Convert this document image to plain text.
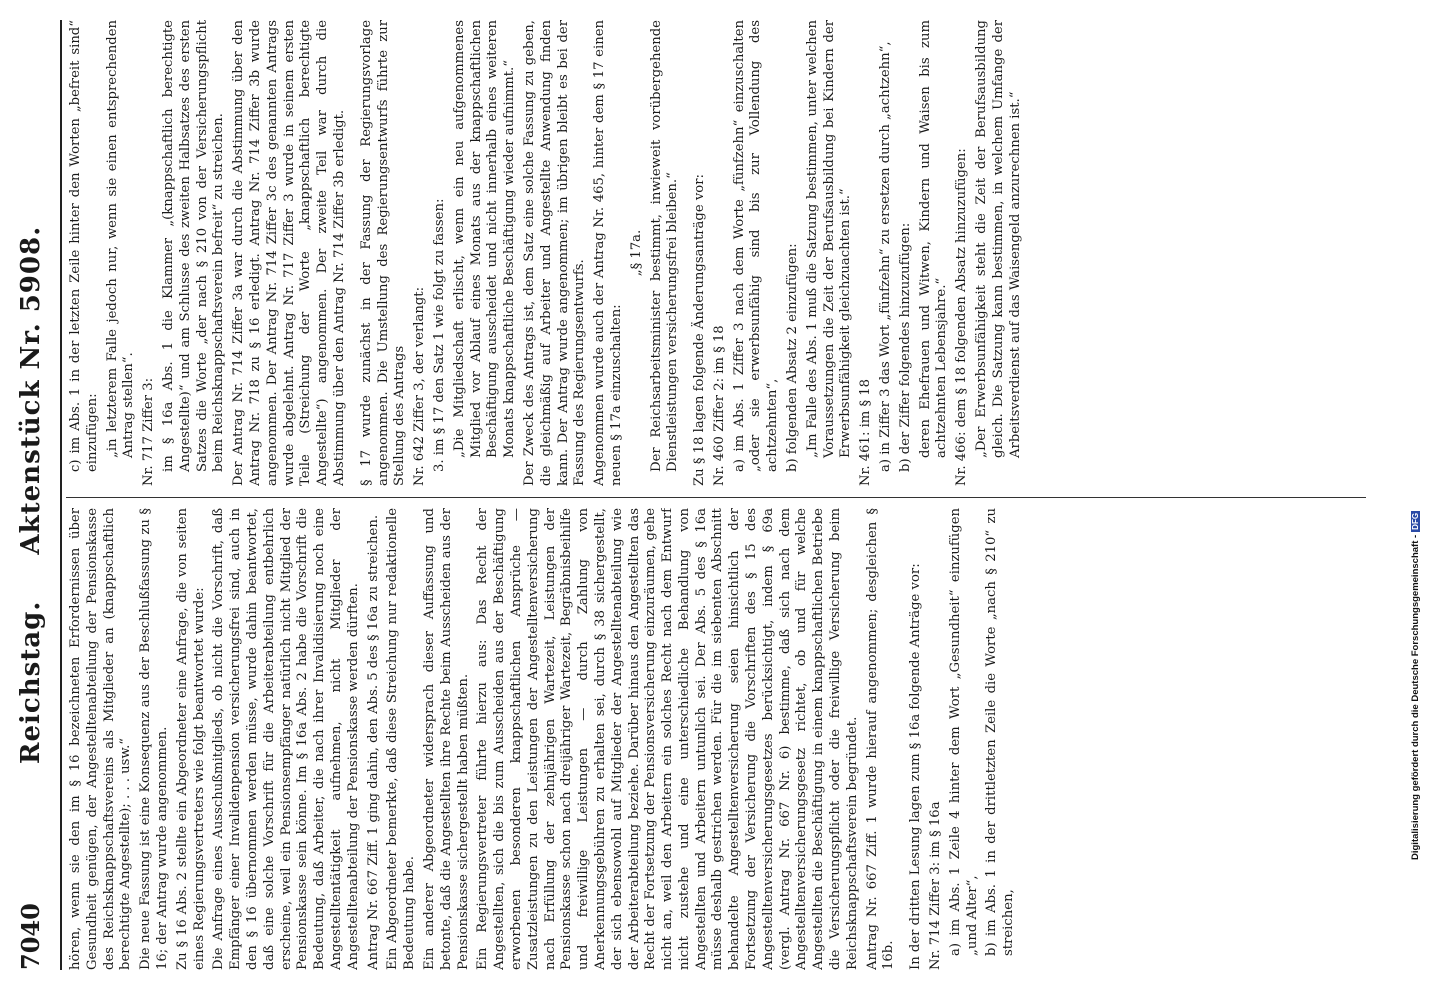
7040
Reichstag. Aktenstück Nr. 5908.

hören, wenn sie den im § 16 bezeichneten Erfordernissen über Gesundheit genügen, der Angestelltenabteilung der Pensionskasse des Reichsknappschaftsvereins als Mitglieder an (knappschaftlich berechtigte Angestellte); . . . usw.“ Die neue Fassung ist eine Konsequenz aus der Beschlußfassung zu § 16; der Antrag wurde angenommen. Zu § 16 Abs. 2 stellte ein Abgeordneter eine Anfrage, die von seiten eines Regierungsvertreters wie folgt beantwortet wurde: Die Anfrage eines Ausschußmitglieds, ob nicht die Vorschrift, daß Empfänger einer Invalidenpension versicherungsfrei sind, auch in den § 16 übernommen werden müsse, wurde dahin beantwortet, daß eine solche Vorschrift für die Arbeiterabteilung entbehrlich erscheine, weil ein Pensionsempfänger natürlich nicht Mitglied der Pensionskasse sein könne. Im § 16a Abs. 2 habe die Vorschrift die Bedeutung, daß Arbeiter, die nach ihrer Invalidisierung noch eine Angestelltentätigkeit aufnehmen, nicht Mitglieder der Angestelltenabteilung der Pensionskasse werden dürften. Antrag Nr. 667 Ziff. 1 ging dahin, den Abs. 5 des § 16a zu streichen. Ein Abgeordneter bemerkte, daß diese Streichung nur redaktionelle Bedeutung habe. Ein anderer Abgeordneter widersprach dieser Auffassung und betonte, daß die Angestellten ihre Rechte beim Ausscheiden aus der Pensionskasse sichergestellt haben müßten. Ein Regierungsvertreter führte hierzu aus: Das Recht der Angestellten, sich die bis zum Ausscheiden aus der Beschäftigung erworbenen besonderen knappschaftlichen Ansprüche — Zusatzleistungen zu den Leistungen der Angestelltenversicherung nach Erfüllung der zehnjährigen Wartezeit, Leistungen der Pensionskasse schon nach dreijähriger Wartezeit, Begräbnisbeihilfe und freiwillige Leistungen — durch Zahlung von Anerkennungsgebühren zu erhalten sei, durch § 38 sichergestellt, der sich ebensowohl auf Mitglieder der Angestelltenabteilung wie der Arbeiterabteilung beziehe. Darüber hinaus den Angestellten das Recht der Fortsetzung der Pensionsversicherung einzuräumen, gehe nicht an, weil den Arbeitern ein solches Recht nach dem Entwurf nicht zustehe und eine unterschiedliche Behandlung von Angestellten und Arbeitern untunlich sei. Der Abs. 5 des § 16a müsse deshalb gestrichen werden. Für die im siebenten Abschnitt behandelte Angestelltenversicherung seien hinsichtlich der Fortsetzung der Versicherung die Vorschriften des § 15 des Angestelltenversicherungsgesetzes berücksichtigt, indem § 69a (vergl. Antrag Nr. 667 Nr. 6) bestimme, daß sich nach dem Angestelltenversicherungsgesetz richtet, ob und für welche Angestellten die Beschäftigung in einem knappschaftlichen Betriebe die Versicherungspflicht oder die freiwillige Versicherung beim Reichsknappschaftsverein begründet. Antrag Nr. 667 Ziff. 1 wurde hierauf angenommen; desgleichen § 16b. In der dritten Lesung lagen zum § 16a folgende Anträge vor: Nr. 714 Ziffer 3: im § 16a a) im Abs. 1 Zeile 4 hinter dem Wort „Gesundheit“ einzufügen „und Alter“, b) im Abs. 1 in der drittletzten Zeile die Worte „nach § 210“ zu streichen,

c) im Abs. 1 in der letzten Zeile hinter den Worten „befreit sind“ einzufügen: „in letzterem Falle jedoch nur, wenn sie einen entsprechenden Antrag stellen“. Nr. 717 Ziffer 3: im § 16a Abs. 1 die Klammer „(knappschaftlich berechtigte Angestellte)“ und am Schlusse des zweiten Halbsatzes des ersten Satzes die Worte „der nach § 210 von der Versicherungspflicht beim Reichsknappschaftsverein befreit“ zu streichen. Der Antrag Nr. 714 Ziffer 3a war durch die Abstimmung über den Antrag Nr. 718 zu § 16 erledigt. Antrag Nr. 714 Ziffer 3b wurde angenommen. Der Antrag Nr. 714 Ziffer 3c des genannten Antrags wurde abgelehnt. Antrag Nr. 717 Ziffer 3 wurde in seinem ersten Teile (Streichung der Worte „knappschaftlich berechtigte Angestellte“) angenommen. Der zweite Teil war durch die Abstimmung über den Antrag Nr. 714 Ziffer 3b erledigt. § 17 wurde zunächst in der Fassung der Regierungsvorlage angenommen. Die Umstellung des Regierungsentwurfs führte zur Stellung des Antrags Nr. 642 Ziffer 3, der verlangt: 3. im § 17 den Satz 1 wie folgt zu fassen: „Die Mitgliedschaft erlischt, wenn ein neu aufgenommenes Mitglied vor Ablauf eines Monats aus der knappschaftlichen Beschäftigung ausscheidet und nicht innerhalb eines weiteren Monats knappschaftliche Beschäftigung wieder aufnimmt.“ Der Zweck des Antrags ist, dem Satz eine solche Fassung zu geben, die gleichmäßig auf Arbeiter und Angestellte Anwendung finden kann. Der Antrag wurde angenommen; im übrigen bleibt es bei der Fassung des Regierungsentwurfs. Angenommen wurde auch der Antrag Nr. 465, hinter dem § 17 einen neuen § 17a einzuschalten:

„§ 17a. Der Reichsarbeitsminister bestimmt, inwieweit vorübergehende Dienstleistungen versicherungsfrei bleiben.“ Zu § 18 lagen folgende Änderungsanträge vor: Nr. 460 Ziffer 2: im § 18 a) im Abs. 1 Ziffer 3 nach dem Worte „fünfzehn“ einzuschalten „oder sie erwerbsunfähig sind bis zur Vollendung des achtzehnten“, b) folgenden Absatz 2 einzufügen: „Im Falle des Abs. 1 muß die Satzung bestimmen, unter welchen Voraussetzungen die Zeit der Berufsausbildung bei Kindern der Erwerbsunfähigkeit gleichzuachten ist.“ Nr. 461: im § 18 a) in Ziffer 3 das Wort „fünfzehn“ zu ersetzen durch „achtzehn“, b) der Ziffer folgendes hinzuzufügen: deren Ehefrauen und Witwen, Kindern und Waisen bis zum achtzehnten Lebensjahre.“ Nr. 466: dem § 18 folgenden Absatz hinzuzufügen: „Der Erwerbsunfähigkeit steht die Zeit der Berufsausbildung gleich. Die Satzung kann bestimmen, in welchem Umfange der Arbeitsverdienst auf das Waisengeld anzurechnen ist.“

Digitalisierung gefördert durch die Deutsche Forschungsgemeinschaft -DFG
